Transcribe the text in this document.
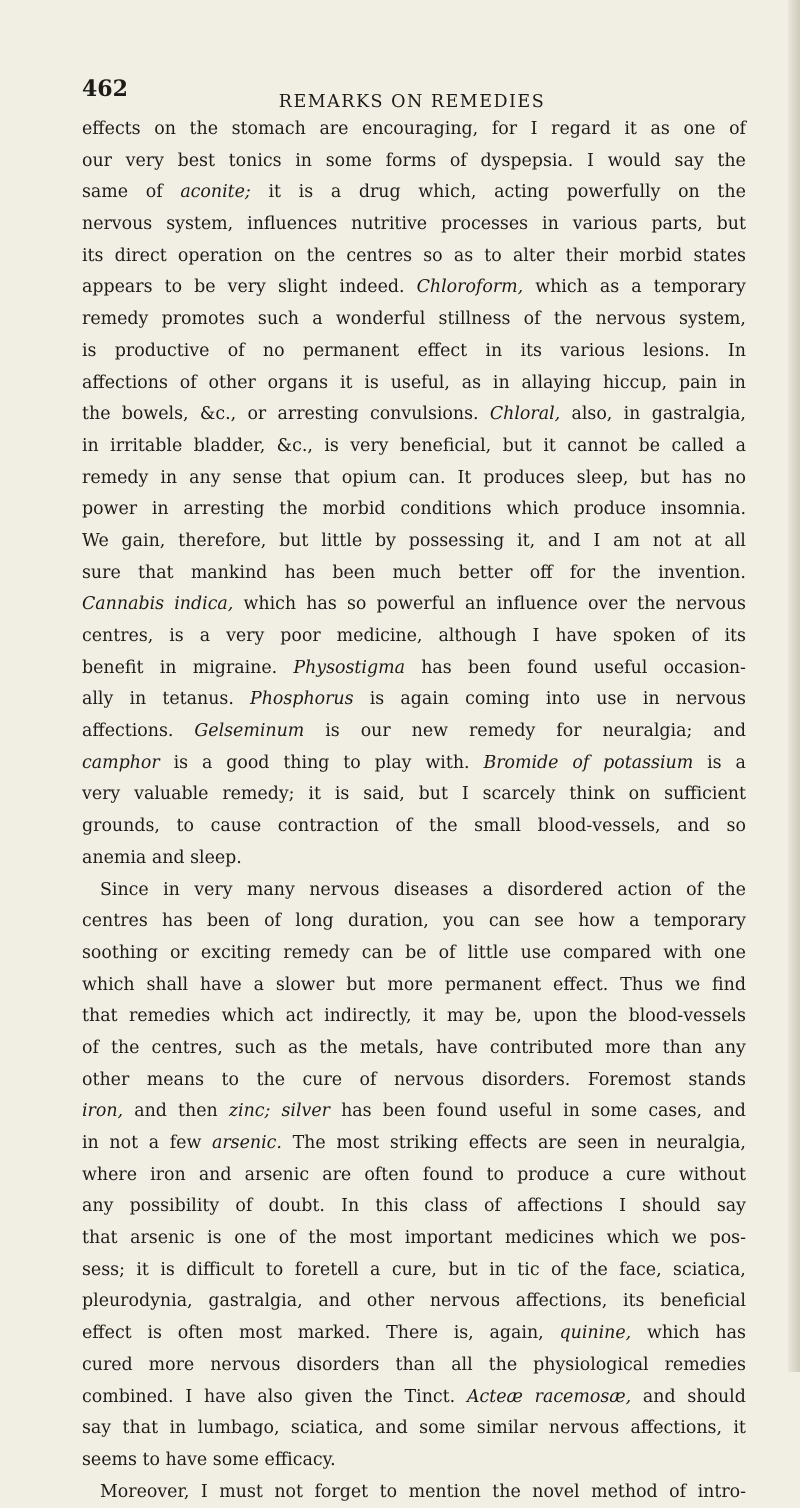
462	REMARKS ON REMEDIES
effects on the stomach are encouraging, for I regard it as one of
our very best tonics in some forms of dyspepsia. I would say the
same of aconite; it is a drug which, acting powerfully on the
nervous system, influences nutritive processes in various parts, but
its direct operation on the centres so as to alter their morbid states
appears to be very slight indeed. Chloroform, which as a temporary
remedy promotes such a wonderful stillness of the nervous system,
is productive of no permanent effect in its various lesions. In
affections of other organs it is useful, as in allaying hiccup, pain in
the bowels, &c., or arresting convulsions. Chloral, also, in gastralgia,
in irritable bladder, &c., is very beneficial, but it cannot be called a
remedy in any sense that opium can. It produces sleep, but has no
power in arresting the morbid conditions which produce insomnia.
We gain, therefore, but little by possessing it, and I am not at all
sure that mankind has been much better off for the invention.
Cannabis indica, which has so powerful an influence over the nervous
centres, is a very poor medicine, although I have spoken of its
benefit in migraine. Physostigma has been found useful occasion-
ally in tetanus. Phosphorus is again coming into use in nervous
affections. Gelseminum is our new remedy for neuralgia; and
camphor is a good thing to play with. Bromide of potassium is a
very valuable remedy; it is said, but I scarcely think on sufficient
grounds, to cause contraction of the small blood-vessels, and so
anemia and sleep.
Since in very many nervous diseases a disordered action of the
centres has been of long duration, you can see how a temporary
soothing or exciting remedy can be of little use compared with one
which shall have a slower but more permanent effect. Thus we find
that remedies which act indirectly, it may be, upon the blood-vessels
of the centres, such as the metals, have contributed more than any
other means to the cure of nervous disorders. Foremost stands
iron, and then zinc; silver has been found useful in some cases, and
in not a few arsenic. The most striking effects are seen in neuralgia,
where iron and arsenic are often found to produce a cure without
any possibility of doubt. In this class of affections I should say
that arsenic is one of the most important medicines which we pos-
sess; it is difficult to foretell a cure, but in tic of the face, sciatica,
pleurodynia, gastralgia, and other nervous affections, its beneficial
effect is often most marked. There is, again, quinine, which has
cured more nervous disorders than all the physiological remedies
combined. I have also given the Tinct. Acteæ racemosæ, and should
say that in lumbago, sciatica, and some similar nervous affections, it
seems to have some efficacy.
Moreover, I must not forget to mention the novel method of intro-
